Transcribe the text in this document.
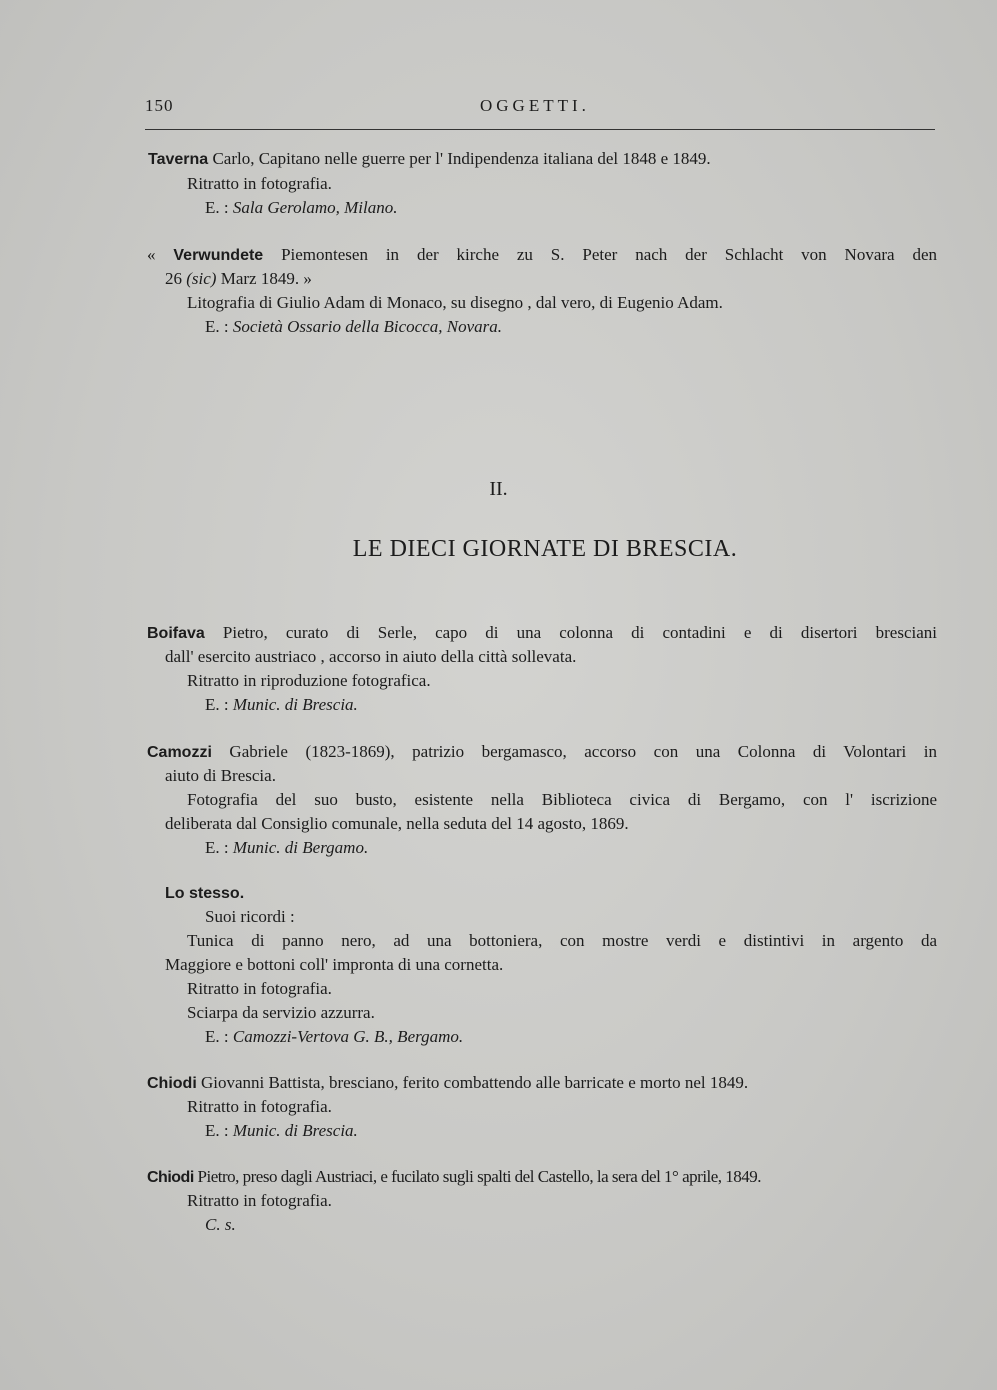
150	OGGETTI.
Taverna Carlo, Capitano nelle guerre per l' Indipendenza italiana del 1848 e 1849.
Ritratto in fotografia.
E. : Sala Gerolamo, Milano.
« Verwundete Piemontesen in der kirche zu S. Peter nach der Schlacht von Novara den
26 (sic) Marz 1849. »
Litografia di Giulio Adam di Monaco, su disegno , dal vero, di Eugenio Adam.
E. : Società Ossario della Bicocca, Novara.
II.
LE DIECI GIORNATE DI BRESCIA.
Boifava Pietro, curato di Serle, capo di una colonna di contadini e di disertori bresciani
dall' esercito austriaco , accorso in aiuto della città sollevata.
Ritratto in riproduzione fotografica.
E. : Munic. di Brescia.
Camozzi Gabriele (1823-1869), patrizio bergamasco, accorso con una Colonna di Volontari in
aiuto di Brescia.
Fotografia del suo busto, esistente nella Biblioteca civica di Bergamo, con l' iscrizione
deliberata dal Consiglio comunale, nella seduta del 14 agosto, 1869.
E. : Munic. di Bergamo.
Lo stesso.
Suoi ricordi :
Tunica di panno nero, ad una bottoniera, con mostre verdi e distintivi in argento da
Maggiore e bottoni coll' impronta di una cornetta.
Ritratto in fotografia.
Sciarpa da servizio azzurra.
E. : Camozzi-Vertova G. B., Bergamo.
Chiodi Giovanni Battista, bresciano, ferito combattendo alle barricate e morto nel 1849.
Ritratto in fotografia.
E. : Munic. di Brescia.
Chiodi Pietro, preso dagli Austriaci, e fucilato sugli spalti del Castello, la sera del 1° aprile, 1849.
Ritratto in fotografia.
C. s.
